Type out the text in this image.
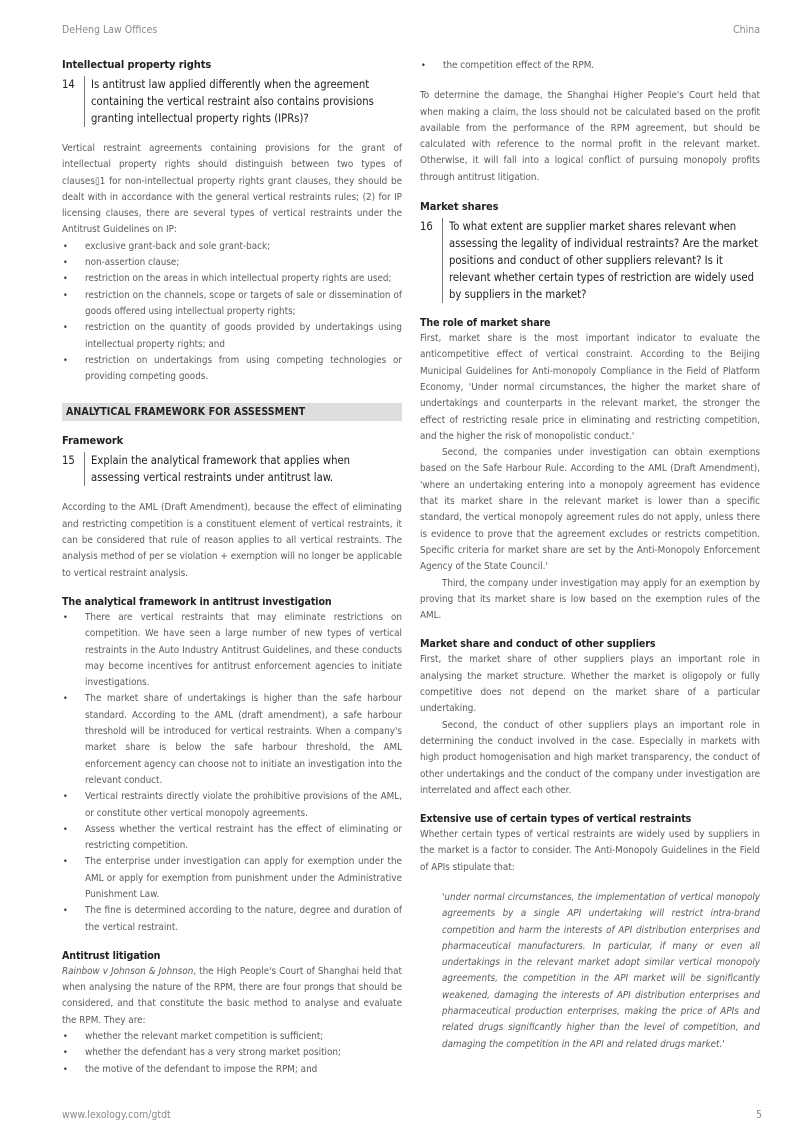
DeHeng Law Offices	China
Intellectual property rights
14	Is antitrust law applied differently when the agreement containing the vertical restraint also contains provisions granting intellectual property rights (IPRs)?

Vertical restraint agreements containing provisions for the grant of intellectual property rights should distinguish between two types of clauses▯1 for non-intellectual property rights grant clauses, they should be dealt with in accordance with the general vertical restraints rules; (2) for IP licensing clauses, there are several types of vertical restraints under the Antitrust Guidelines on IP:

• exclusive grant-back and sole grant-back;
• non-assertion clause;
• restriction on the areas in which intellectual property rights are used;
• restriction on the channels, scope or targets of sale or dissemination of goods offered using intellectual property rights;
• restriction on the quantity of goods provided by undertakings using intellectual property rights; and
• restriction on undertakings from using competing technologies or providing competing goods.
ANALYTICAL FRAMEWORK FOR ASSESSMENT
Framework
15	Explain the analytical framework that applies when assessing vertical restraints under antitrust law.

According to the AML (Draft Amendment), because the effect of eliminating and restricting competition is a constituent element of vertical restraints, it can be considered that rule of reason applies to all vertical restraints. The analysis method of per se violation + exemption will no longer be applicable to vertical restraint analysis.

The analytical framework in antitrust investigation
• There are vertical restraints that may eliminate restrictions on competition. We have seen a large number of new types of vertical restraints in the Auto Industry Antitrust Guidelines, and these conducts may become incentives for antitrust enforcement agencies to initiate investigations.
• The market share of undertakings is higher than the safe harbour standard. According to the AML (draft amendment), a safe harbour threshold will be introduced for vertical restraints. When a company's market share is below the safe harbour threshold, the AML enforcement agency can choose not to initiate an investigation into the relevant conduct.
• Vertical restraints directly violate the prohibitive provisions of the AML, or constitute other vertical monopoly agreements.
• Assess whether the vertical restraint has the effect of eliminating or restricting competition.
• The enterprise under investigation can apply for exemption under the AML or apply for exemption from punishment under the Administrative Punishment Law.
• The fine is determined according to the nature, degree and duration of the vertical restraint.
Antitrust litigation

Rainbow v Johnson & Johnson, the High People's Court of Shanghai held that when analysing the nature of the RPM, there are four prongs that should be considered, and that constitute the basic method to analyse and evaluate the RPM. They are:

• whether the relevant market competition is sufficient;
• whether the defendant has a very strong market position;
• the motive of the defendant to impose the RPM; and
• the competition effect of the RPM.

To determine the damage, the Shanghai Higher People's Court held that when making a claim, the loss should not be calculated based on the profit available from the performance of the RPM agreement, but should be calculated with reference to the normal profit in the relevant market. Otherwise, it will fall into a logical conflict of pursuing monopoly profits through antitrust litigation.

Market shares
16	To what extent are supplier market shares relevant when assessing the legality of individual restraints? Are the market positions and conduct of other suppliers relevant? Is it relevant whether certain types of restriction are widely used by suppliers in the market?
The role of market share

First, market share is the most important indicator to evaluate the anticompetitive effect of vertical constraint. According to the Beijing Municipal Guidelines for Anti-monopoly Compliance in the Field of Platform Economy, 'Under normal circumstances, the higher the market share of undertakings and counterparts in the relevant market, the stronger the effect of restricting resale price in eliminating and restricting competition, and the higher the risk of monopolistic conduct.'

Second, the companies under investigation can obtain exemptions based on the Safe Harbour Rule. According to the AML (Draft Amendment), 'where an undertaking entering into a monopoly agreement has evidence that its market share in the relevant market is lower than a specific standard, the vertical monopoly agreement rules do not apply, unless there is evidence to prove that the agreement excludes or restricts competition. Specific criteria for market share are set by the Anti-Monopoly Enforcement Agency of the State Council.'

Third, the company under investigation may apply for an exemption by proving that its market share is low based on the exemption rules of the AML.

Market share and conduct of other suppliers

First, the market share of other suppliers plays an important role in analysing the market structure. Whether the market is oligopoly or fully competitive does not depend on the market share of a particular undertaking.

Second, the conduct of other suppliers plays an important role in determining the conduct involved in the case. Especially in markets with high product homogenisation and high market transparency, the conduct of other undertakings and the conduct of the company under investigation are interrelated and affect each other.

Extensive use of certain types of vertical restraints

Whether certain types of vertical restraints are widely used by suppliers in the market is a factor to consider. The Anti-Monopoly Guidelines in the Field of APIs stipulate that:

'under normal circumstances, the implementation of vertical monopoly agreements by a single API undertaking will restrict intra-brand competition and harm the interests of API distribution enterprises and pharmaceutical manufacturers. In particular, if many or even all undertakings in the relevant market adopt similar vertical monopoly agreements, the competition in the API market will be significantly weakened, damaging the interests of API distribution enterprises and pharmaceutical production enterprises, making the price of APIs and related drugs significantly higher than the level of competition, and damaging the competition in the API and related drugs market.'
www.lexology.com/gtdt	5
